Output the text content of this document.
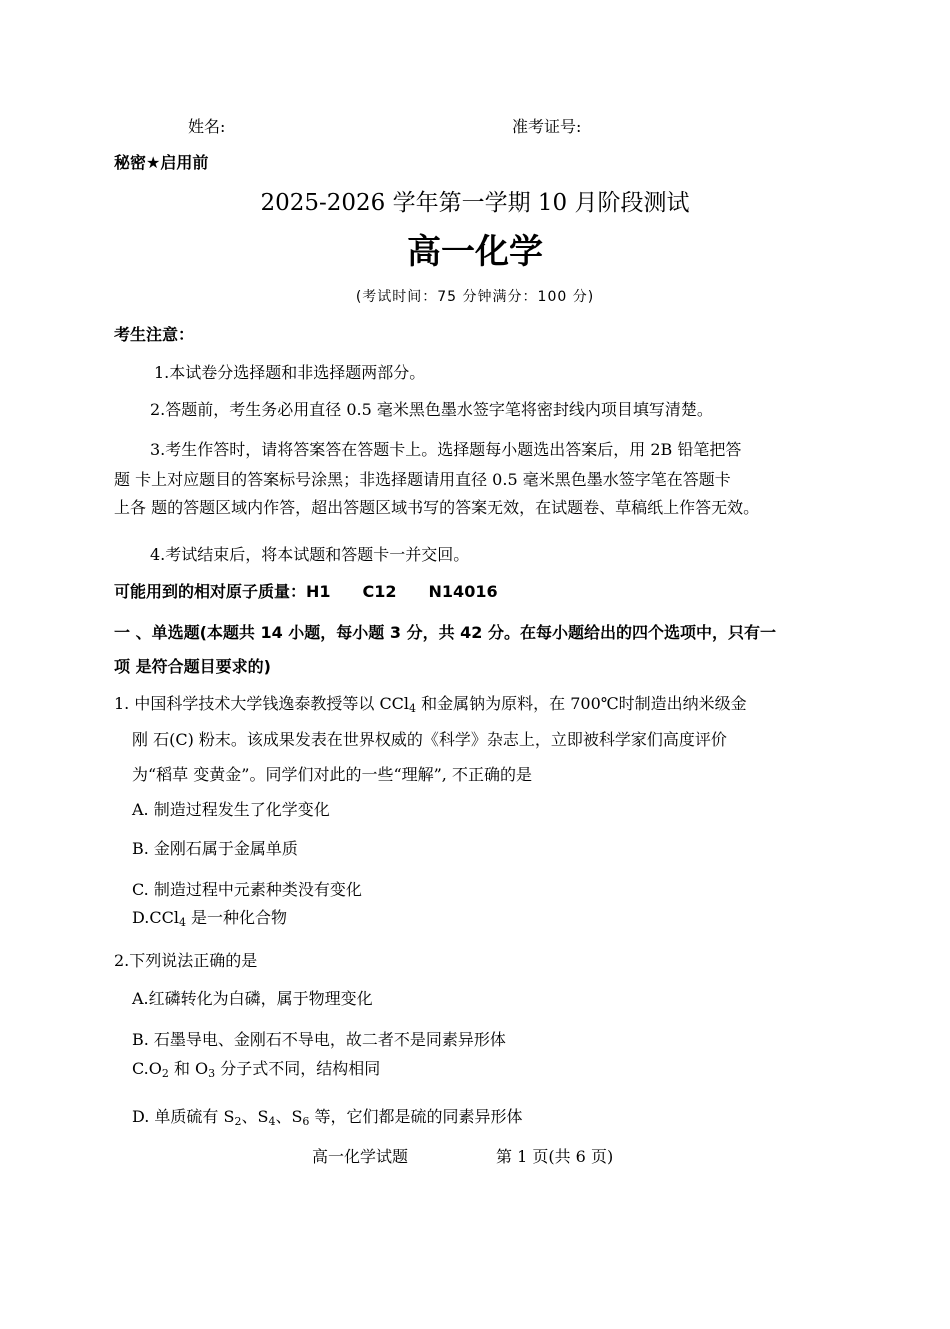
姓名:	准考证号:
秘密★启用前
2025-2026 学年第一学期 10 月阶段测试
高一化学
(考试时间：75 分钟满分：100 分)
考生注意：
1.本试卷分选择题和非选择题两部分。
2.答题前，考生务必用直径 0.5 毫米黑色墨水签字笔将密封线内项目填写清楚。
3.考生作答时，请将答案答在答题卡上。选择题每小题选出答案后，用 2B 铅笔把答
题 卡上对应题目的答案标号涂黑；非选择题请用直径 0.5 毫米黑色墨水签字笔在答题卡
上各 题的答题区域内作答，超出答题区域书写的答案无效，在试题卷、草稿纸上作答无效。
4.考试结束后，将本试题和答题卡一并交回。
可能用到的相对原子质量：H1　　C12　　N14016
一 、单选题(本题共 14 小题，每小题 3 分，共 42 分。在每小题给出的四个选项中，只有一
项 是符合题目要求的)
1. 中国科学技术大学钱逸泰教授等以 CCl$_4$ 和金属钠为原料，在 700℃时制造出纳米级金
刚 石(C) 粉末。该成果发表在世界权威的《科学》杂志上，立即被科学家们高度评价
为“稻草 变黄金”。同学们对此的一些“理解”, 不正确的是
A. 制造过程发生了化学变化
B. 金刚石属于金属单质
C. 制造过程中元素种类没有变化
D.CCl$_4$ 是一种化合物
2.下列说法正确的是
A.红磷转化为白磷，属于物理变化
B. 石墨导电、金刚石不导电，故二者不是同素异形体
$C.O_2$ 和 $O_3$ 分子式不同，结构相同
D. 单质硫有 $S_2$、$S_4$、$S_6$ 等，它们都是硫的同素异形体
高一化学试题	第 1 页(共 6 页)
